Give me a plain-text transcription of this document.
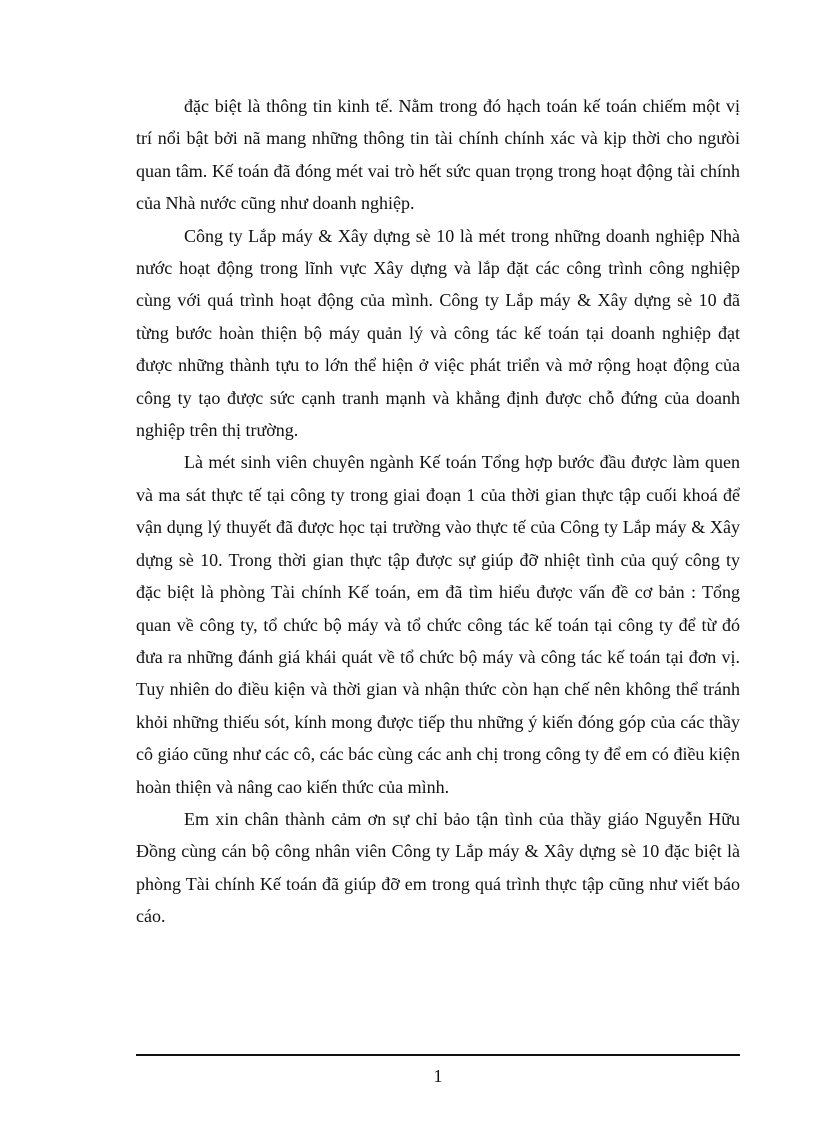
đặc biệt là thông tin kinh tế. Nằm trong đó hạch toán kế toán chiếm một vị trí nổi bật bởi nã mang những thông tin tài chính chính xác và kịp thời cho ngưòi quan tâm. Kế toán đã đóng mét vai trò hết sức quan trọng trong hoạt động tài chính của Nhà nước cũng như doanh nghiệp.

Công ty Lắp máy & Xây dựng sè 10 là mét trong những doanh nghiệp Nhà nước hoạt động trong lĩnh vực Xây dựng và lắp đặt các công trình công nghiệp cùng với quá trình hoạt động của mình. Công ty Lắp máy & Xây dựng sè 10 đã từng bước hoàn thiện bộ máy quản lý và công tác kế toán tại doanh nghiệp đạt được những thành tựu to lớn thể hiện ở việc phát triển và mở rộng hoạt động của công ty tạo được sức cạnh tranh mạnh và khẳng định được chỗ đứng của doanh nghiệp trên thị trường.

Là mét sinh viên chuyên ngành Kế toán Tổng hợp bước đầu được làm quen và ma sát thực tế tại công ty trong giai đoạn 1 của thời gian thực tập cuối khoá để vận dụng lý thuyết đã được học tại trường vào thực tế của Công ty Lắp máy & Xây dựng sè 10. Trong thời gian thực tập được sự giúp đỡ nhiệt tình của quý công ty đặc biệt là phòng Tài chính Kế toán, em đã tìm hiểu được vấn đề cơ bản : Tổng quan về công ty, tổ chức bộ máy và tổ chức công tác kế toán tại công ty để từ đó đưa ra những đánh giá khái quát về tổ chức bộ máy và công tác kế toán tại đơn vị. Tuy nhiên do điều kiện và thời gian và nhận thức còn hạn chế nên không thể tránh khỏi những thiếu sót, kính mong được tiếp thu những ý kiến đóng góp của các thầy cô giáo cũng như các cô, các bác cùng các anh chị trong công ty để em có điều kiện hoàn thiện và nâng cao kiến thức của mình.

Em xin chân thành cảm ơn sự chỉ bảo tận tình của thầy giáo Nguyễn Hữu Đồng cùng cán bộ công nhân viên Công ty Lắp máy & Xây dựng sè 10 đặc biệt là phòng Tài chính Kế toán đã giúp đỡ em trong quá trình thực tập cũng như viết báo cáo.

1
